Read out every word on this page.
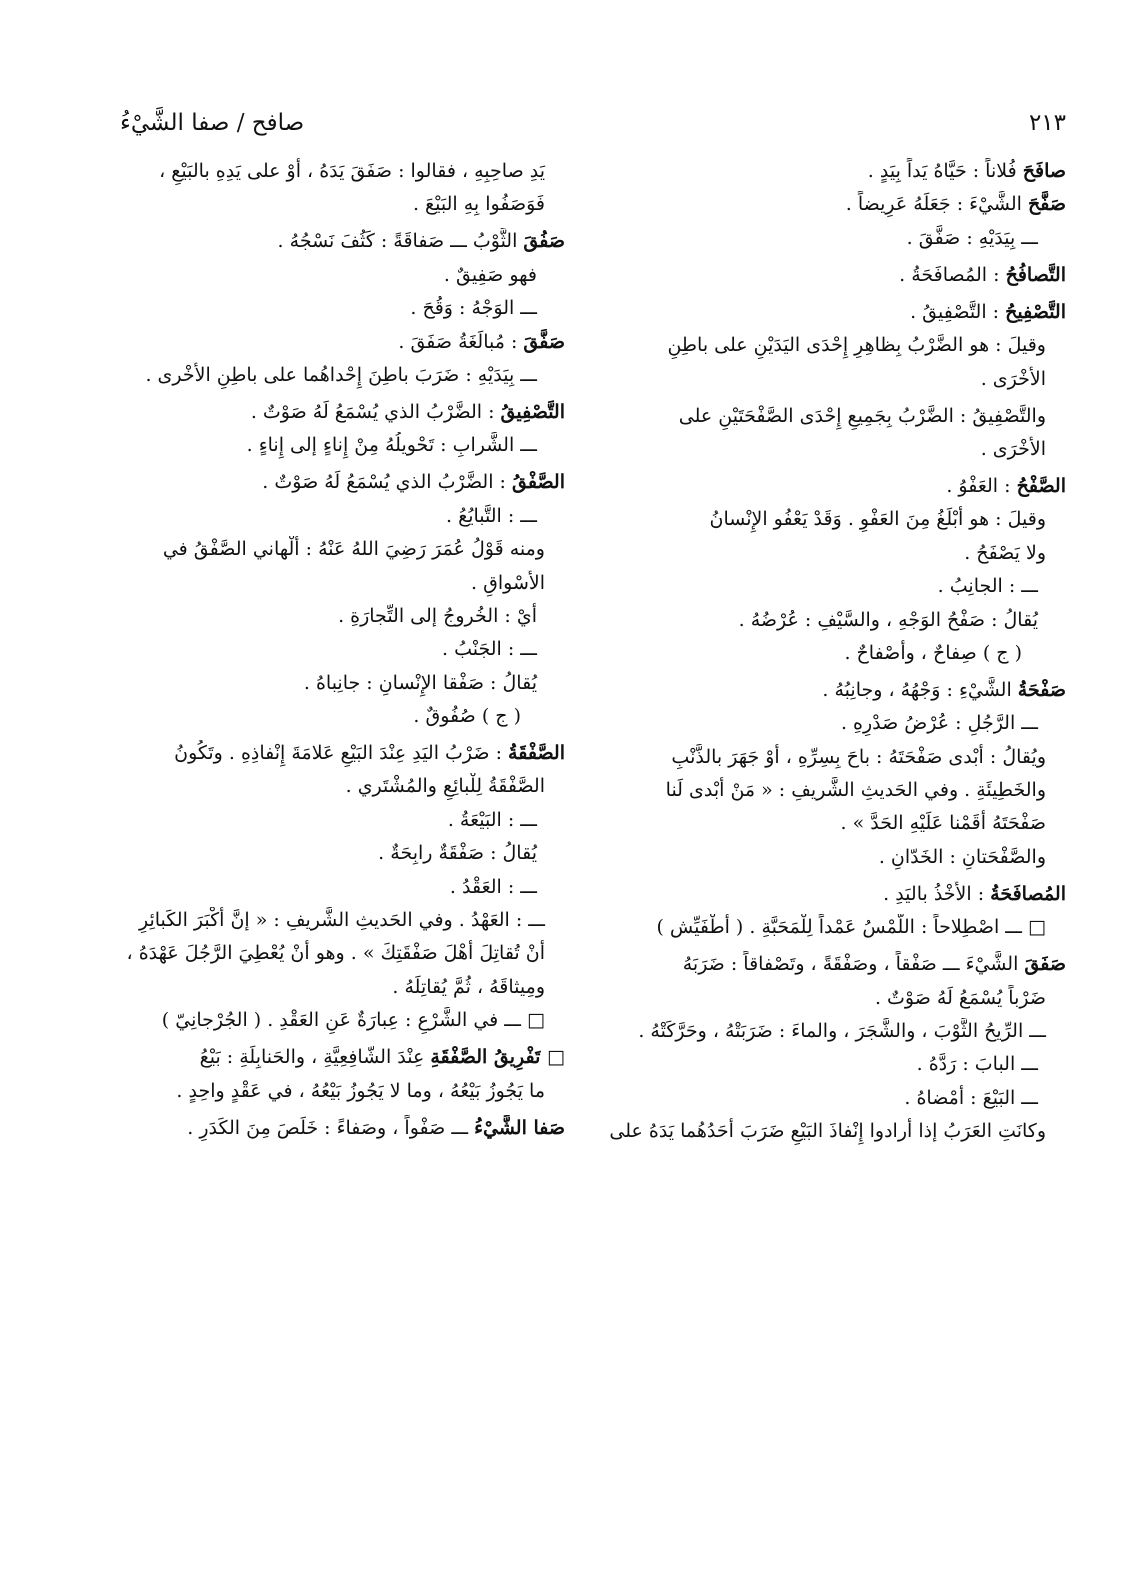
صافح / صفا الشَّيْءُ	٢١٣
صافَحَ فُلاناً : حَيَّاهُ يَداً بِيَدٍ .
صَفَّحَ الشَّيْءَ : جَعَلَهُ عَرِيضاً .
ـــ بِيَدَيْهِ : صَفَّقَ .
التَّصافُحُ : المُصافَحَةُ .
التَّصْفِيحُ : التَّصْفِيقُ .
وقيلَ : هو الضَّرْبُ بِظاهِرِ إِحْدَى اليَدَيْنِ على باطِنِ
الأُخْرَى .
والتَّصْفِيقُ : الضَّرْبُ بِجَمِيعِ إِحْدَى الصَّفْحَتَيْنِ على
الأُخْرَى .
الصَّفْحُ : العَفْوُ .
وقيلَ : هو أَبْلَغُ مِنَ العَفْوِ . وَقَدْ يَعْفُو الإِنْسانُ
ولا يَصْفَحُ .
ـــ : الجانِبُ .
يُقالُ : صَفْحُ الوَجْهِ ، والسَّيْفِ : عُرْضُهُ .
( ج ) صِفاحٌ ، وأَصْفاحٌ .
صَفْحَةُ الشَّيْءِ : وَجْهُهُ ، وجانِبُهُ .
ـــ الرَّجُلِ : عُرْضُ صَدْرِهِ .
ويُقالُ : أَبْدى صَفْحَتَهُ : باحَ بِسِرِّهِ ، أَوْ جَهَرَ بالذَّنْبِ
والخَطِيئَةِ . وفي الحَديثِ الشَّريفِ : « مَنْ أَبْدى لَنا
صَفْحَتَهُ أَقَمْنا عَلَيْهِ الحَدَّ » .
والصَّفْحَتانِ : الخَدّانِ .
المُصافَحَةُ : الأَخْذُ باليَدِ .
□ ـــ اصْطِلاحاً : اللَّمْسُ عَمْداً لِلْمَحَبَّةِ . ( أَطْفَيِّش )
صَفَقَ الشَّيْءَ ـــ صَفْقاً ، وصَفْقَةً ، وتَصْفاقاً : ضَرَبَهُ
ضَرْباً يُسْمَعُ لَهُ صَوْتٌ .
ـــ الرِّيحُ الثَّوْبَ ، والشَّجَرَ ، والماءَ : ضَرَبَتْهُ ، وحَرَّكَتْهُ .
ـــ البابَ : رَدَّهُ .
ـــ البَيْعَ : أَمْضاهُ .
وكانَتِ العَرَبُ إذا أرادوا إِنْفاذَ البَيْعِ ضَرَبَ أَحَدُهُما يَدَهُ على
يَدِ صاحِبِهِ ، فقالوا : صَفَقَ يَدَهُ ، أوْ على يَدِهِ بالبَيْعِ ،
فَوَصَفُوا بِهِ البَيْعَ .
صَفُقَ الثَّوْبُ ـــ صَفاقَةً : كَثُفَ نَسْجُهُ .
فهو صَفِيقٌ .
ـــ الوَجْهُ : وَقُحَ .
صَفَّقَ : مُبالَغَةُ صَفَقَ .
ـــ بِيَدَيْهِ : ضَرَبَ باطِنَ إِحْداهُما على باطِنِ الأُخْرى .
التَّصْفِيقُ : الضَّرْبُ الذي يُسْمَعُ لَهُ صَوْتٌ .
ـــ الشَّرابِ : تَحْويلُهُ مِنْ إِناءٍ إلى إِناءٍ .
الصَّفْقُ : الضَّرْبُ الذي يُسْمَعُ لَهُ صَوْتٌ .
ـــ : التَّبايُعُ .
ومنه قَوْلُ عُمَرَ رَضِيَ اللهُ عَنْهُ : أَلْهاني الصَّفْقُ في
الأَسْواقِ .
أيْ : الخُروجُ إلى التِّجارَةِ .
ـــ : الجَنْبُ .
يُقالُ : صَفْقا الإِنْسانِ : جانِباهُ .
( ج ) صُفُوقٌ .
الصَّفْقَةُ : ضَرْبُ اليَدِ عِنْدَ البَيْعِ عَلامَةَ إِنْفاذِهِ . وتَكُونُ
الصَّفْقَةُ لِلْبائِعِ والمُشْتَري .
ـــ : البَيْعَةُ .
يُقالُ : صَفْقَةٌ رابِحَةٌ .
ـــ : العَقْدُ .
ـــ : العَهْدُ . وفي الحَديثِ الشَّريفِ : « إنَّ أَكْبَرَ الكَبائِرِ
أَنْ تُقاتِلَ أَهْلَ صَفْقَتِكَ » . وهو أَنْ يُعْطِيَ الرَّجُلَ عَهْدَهُ ،
ومِيثاقَهُ ، ثُمَّ يُقاتِلَهُ .
□ ـــ في الشَّرْعِ : عِبارَةٌ عَنِ العَقْدِ . ( الجُرْجانِيّ )
□ تَفْرِيقُ الصَّفْقَةِ عِنْدَ الشّافِعِيَّةِ ، والحَنابِلَةِ : بَيْعُ
ما يَجُوزُ بَيْعُهُ ، وما لا يَجُوزُ بَيْعُهُ ، في عَقْدٍ واحِدٍ .
صَفا الشَّيْءُ ـــ صَفْواً ، وصَفاءً : خَلَصَ مِنَ الكَدَرِ .
